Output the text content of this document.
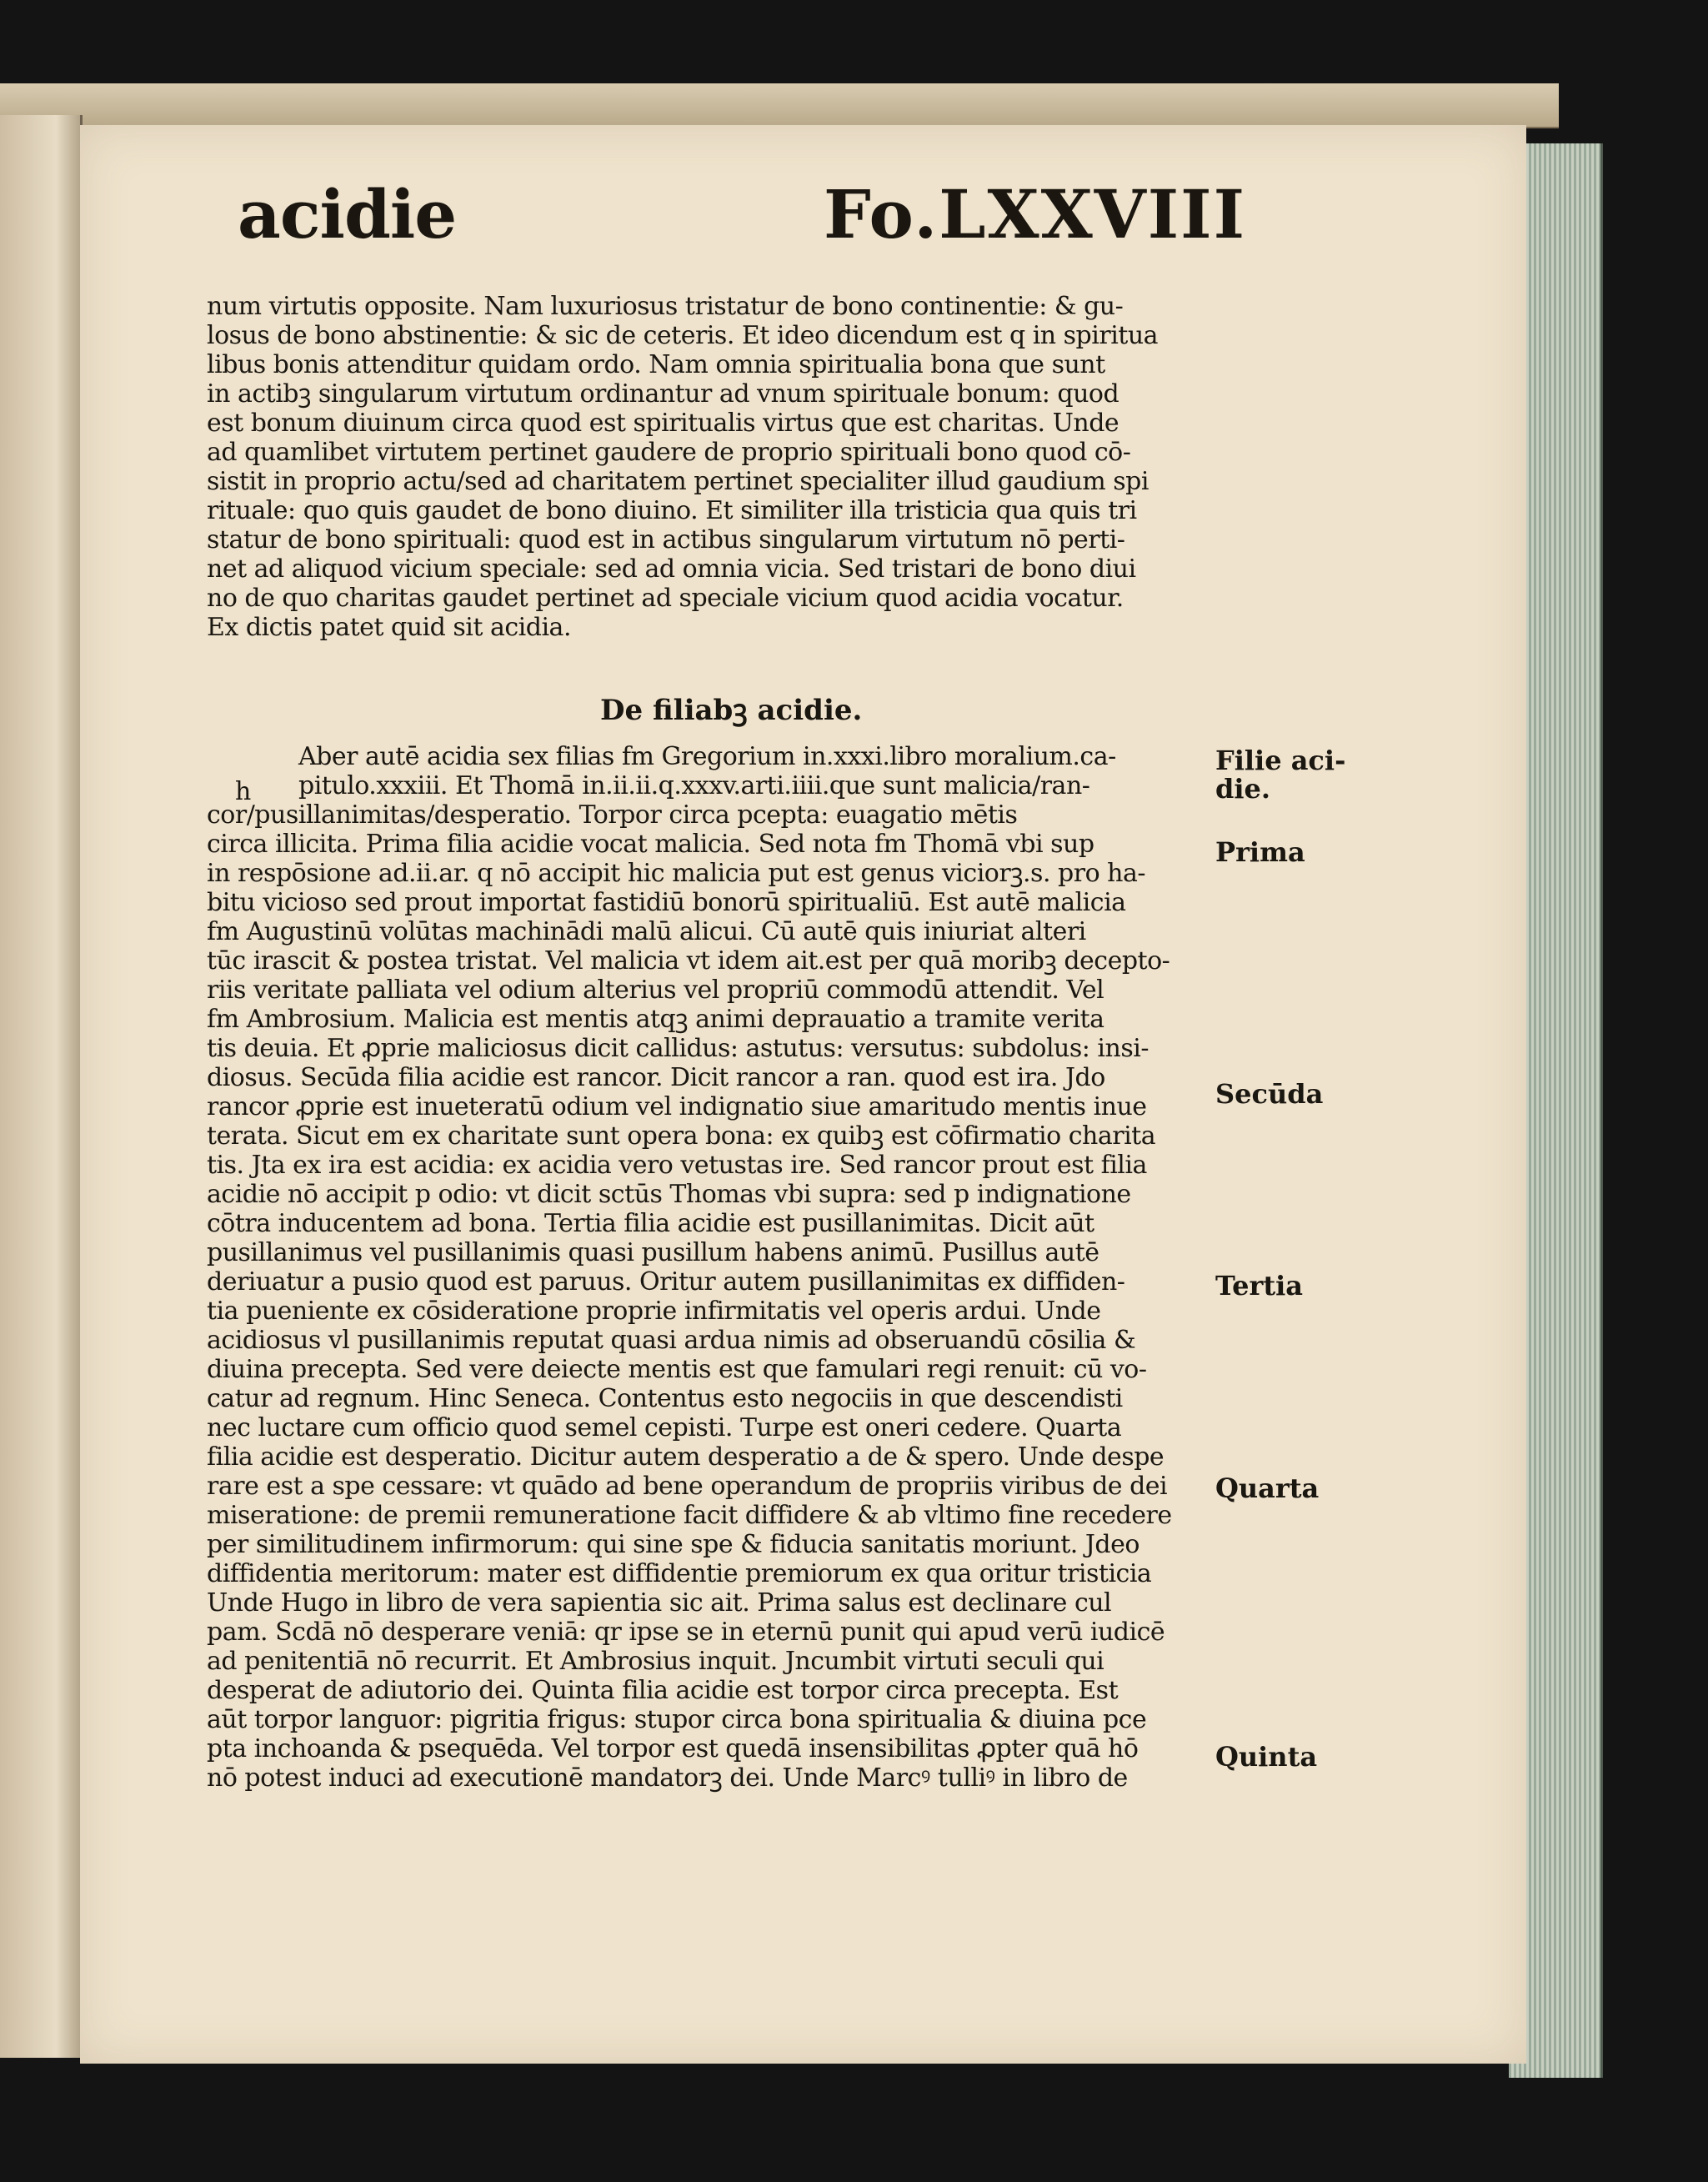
acidie	Fo.LXXVIII
num virtutis opposite. Nam luxuriosus tristatur de bono continentie: & gu-
losus de bono abstinentie: & sic de ceteris. Et ideo dicendum est q in spiritua
libus bonis attenditur quidam ordo. Nam omnia spiritualia bona que sunt
in actibꝫ singularum virtutum ordinantur ad vnum spirituale bonum: quod
est bonum diuinum circa quod est spiritualis virtus que est charitas. Unde
ad quamlibet virtutem pertinet gaudere de proprio spirituali bono quod cō-
sistit in proprio actu/sed ad charitatem pertinet specialiter illud gaudium spi
rituale: quo quis gaudet de bono diuino. Et similiter illa tristicia qua quis tri
statur de bono spirituali: quod est in actibus singularum virtutum nō perti-
net ad aliquod vicium speciale: sed ad omnia vicia. Sed tristari de bono diui
no de quo charitas gaudet pertinet ad speciale vicium quod acidia vocatur.
Ex dictis patet quid sit acidia.
De filiabꝫ acidie.
h
Aber autē acidia sex filias fm Gregorium in.xxxi.libro moralium.ca-
pitulo.xxxiii. Et Thomā in.ii.ii.q.xxxv.arti.iiii.que sunt malicia/ran-
cor/pusillanimitas/desperatio. Torpor circa pcepta: euagatio mētis
circa illicita. Prima filia acidie vocat malicia. Sed nota fm Thomā vbi sup
in respōsione ad.ii.ar. q nō accipit hic malicia put est genus viciorꝫ.s. pro ha-
bitu vicioso sed prout importat fastidiū bonorū spiritualiū. Est autē malicia
fm Augustinū volūtas machinādi malū alicui. Cū autē quis iniuriat alteri
tūc irascit & postea tristat. Vel malicia vt idem ait.est per quā moribꝫ decepto-
riis veritate palliata vel odium alterius vel propriū commodū attendit. Vel
fm Ambrosium. Malicia est mentis atqꝫ animi deprauatio a tramite verita
tis deuia. Et ꝓprie maliciosus dicit callidus: astutus: versutus: subdolus: insi-
diosus. Secūda filia acidie est rancor. Dicit rancor a ran. quod est ira. Jdo
rancor ꝓprie est inueteratū odium vel indignatio siue amaritudo mentis inue
terata. Sicut em ex charitate sunt opera bona: ex quibꝫ est cōfirmatio charita
tis. Jta ex ira est acidia: ex acidia vero vetustas ire. Sed rancor prout est filia
acidie nō accipit p odio: vt dicit sctūs Thomas vbi supra: sed p indignatione
cōtra inducentem ad bona. Tertia filia acidie est pusillanimitas. Dicit aūt
pusillanimus vel pusillanimis quasi pusillum habens animū. Pusillus autē
deriuatur a pusio quod est paruus. Oritur autem pusillanimitas ex diffiden-
tia pueniente ex cōsideratione proprie infirmitatis vel operis ardui. Unde
acidiosus vl pusillanimis reputat quasi ardua nimis ad obseruandū cōsilia &
diuina precepta. Sed vere deiecte mentis est que famulari regi renuit: cū vo-
catur ad regnum. Hinc Seneca. Contentus esto negociis in que descendisti
nec luctare cum officio quod semel cepisti. Turpe est oneri cedere. Quarta
filia acidie est desperatio. Dicitur autem desperatio a de & spero. Unde despe
rare est a spe cessare: vt quādo ad bene operandum de propriis viribus de dei
miseratione: de premii remuneratione facit diffidere & ab vltimo fine recedere
per similitudinem infirmorum: qui sine spe & fiducia sanitatis moriunt. Jdeo
diffidentia meritorum: mater est diffidentie premiorum ex qua oritur tristicia
Unde Hugo in libro de vera sapientia sic ait. Prima salus est declinare cul
pam. Scdā nō desperare veniā: qr ipse se in eternū punit qui apud verū iudicē
ad penitentiā nō recurrit. Et Ambrosius inquit. Jncumbit virtuti seculi qui
desperat de adiutorio dei. Quinta filia acidie est torpor circa precepta. Est
aūt torpor languor: pigritia frigus: stupor circa bona spiritualia & diuina pce
pta inchoanda & psequēda. Vel torpor est quedā insensibilitas ꝓpter quā hō
nō potest induci ad executionē mandatorꝫ dei. Unde Marcꝰ tulliꝰ in libro de
Filie aci-
die.
Prima
Secūda
Tertia
Quarta
Quinta
